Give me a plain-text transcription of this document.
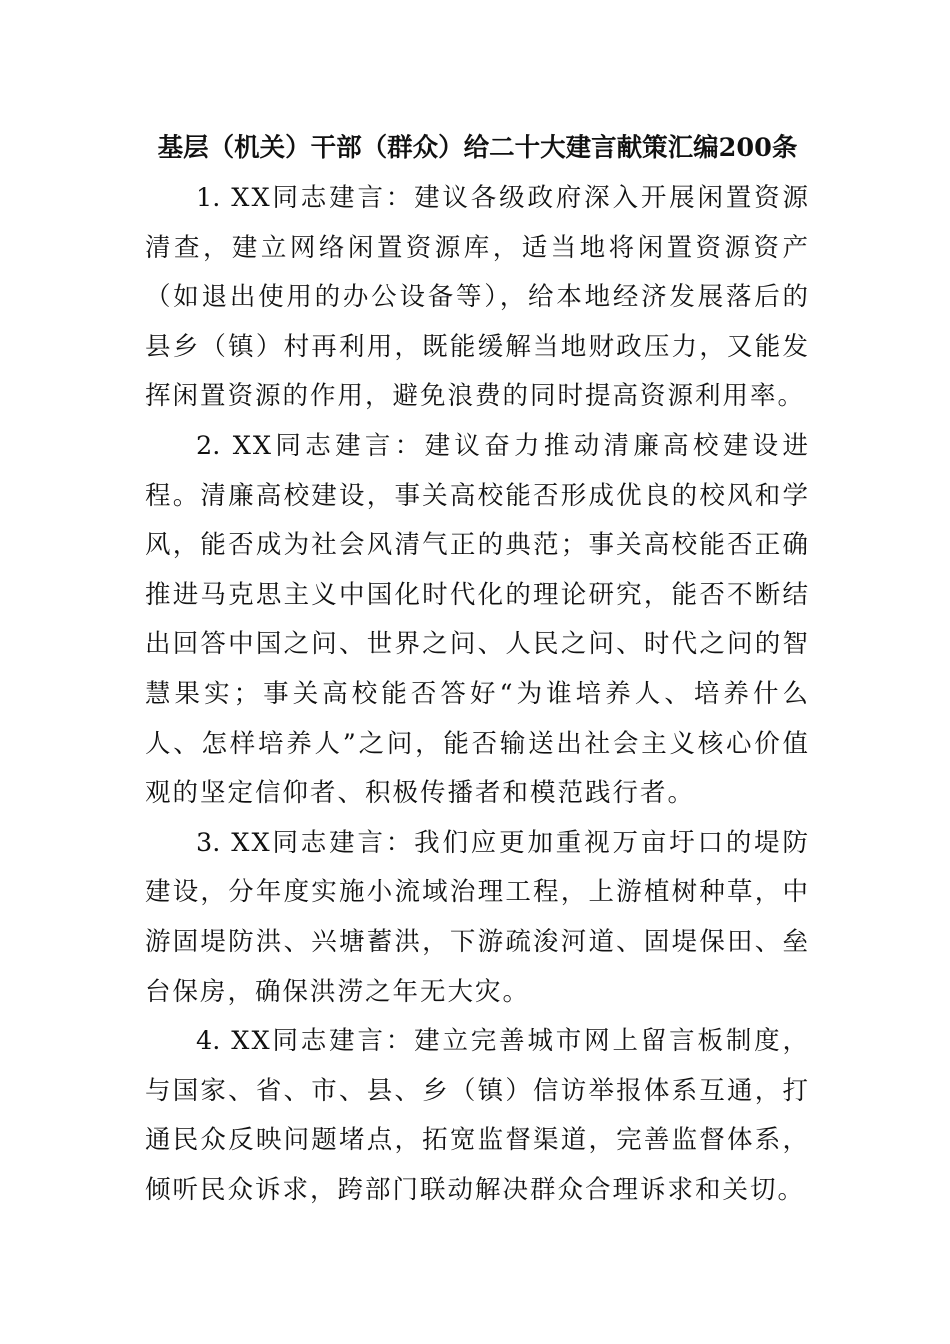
基层（机关）干部（群众）给二十大建言献策汇编200条

1. XX同志建言：建议各级政府深入开展闲置资源清查，建立网络闲置资源库，适当地将闲置资源资产（如退出使用的办公设备等），给本地经济发展落后的县乡（镇）村再利用，既能缓解当地财政压力，又能发挥闲置资源的作用，避免浪费的同时提高资源利用率。

2. XX同志建言：建议奋力推动清廉高校建设进程。清廉高校建设，事关高校能否形成优良的校风和学风，能否成为社会风清气正的典范；事关高校能否正确推进马克思主义中国化时代化的理论研究，能否不断结出回答中国之问、世界之问、人民之问、时代之问的智慧果实；事关高校能否答好“为谁培养人、培养什么人、怎样培养人”之问，能否输送出社会主义核心价值观的坚定信仰者、积极传播者和模范践行者。

3. XX同志建言：我们应更加重视万亩圩口的堤防建设，分年度实施小流域治理工程，上游植树种草，中游固堤防洪、兴塘蓄洪，下游疏浚河道、固堤保田、垒台保房，确保洪涝之年无大灾。

4. XX同志建言：建立完善城市网上留言板制度，与国家、省、市、县、乡（镇）信访举报体系互通，打通民众反映问题堵点，拓宽监督渠道，完善监督体系，倾听民众诉求，跨部门联动解决群众合理诉求和关切。
